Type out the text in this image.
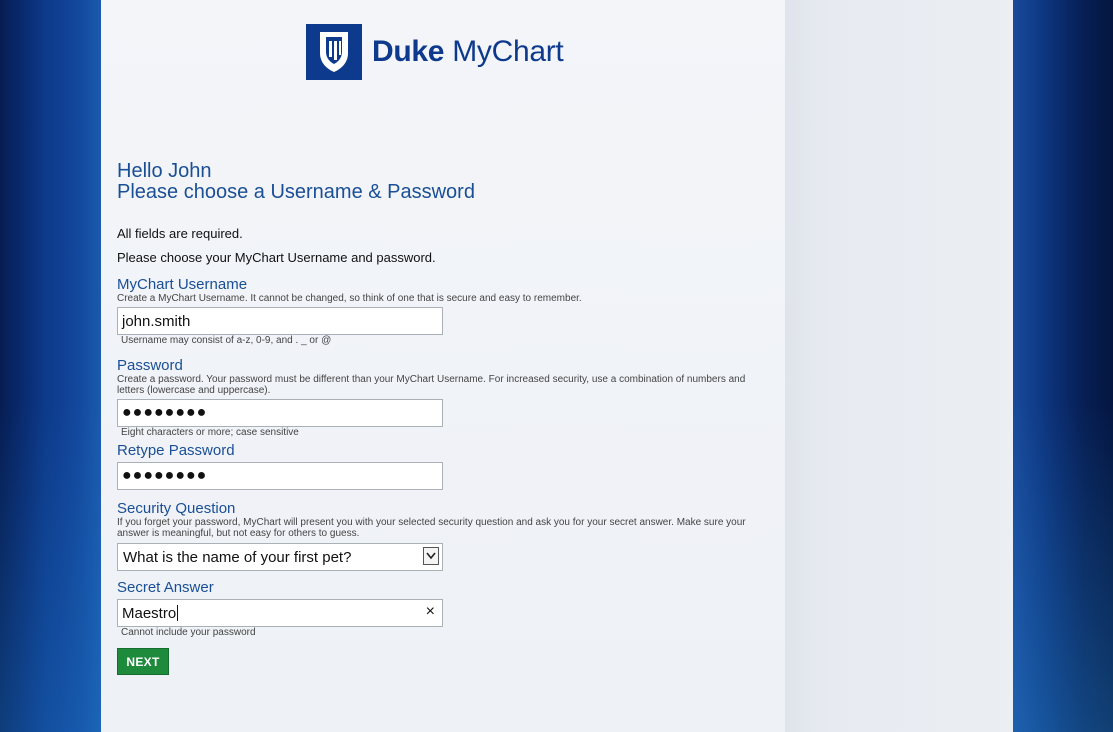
Duke MyChart
Hello John
Please choose a Username & Password
All fields are required.
Please choose your MyChart Username and password.
MyChart Username
Create a MyChart Username. It cannot be changed, so think of one that is secure and easy to remember.
john.smith
Username may consist of a-z, 0-9, and . _ or @
Password
Create a password. Your password must be different than your MyChart Username. For increased security, use a combination of numbers and letters (lowercase and uppercase).
●●●●●●●●
Eight characters or more; case sensitive
Retype Password
●●●●●●●●
Security Question
If you forget your password, MyChart will present you with your selected security question and ask you for your secret answer. Make sure your answer is meaningful, but not easy for others to guess.
What is the name of your first pet?
Secret Answer
Maestro	×
Cannot include your password
NEXT
